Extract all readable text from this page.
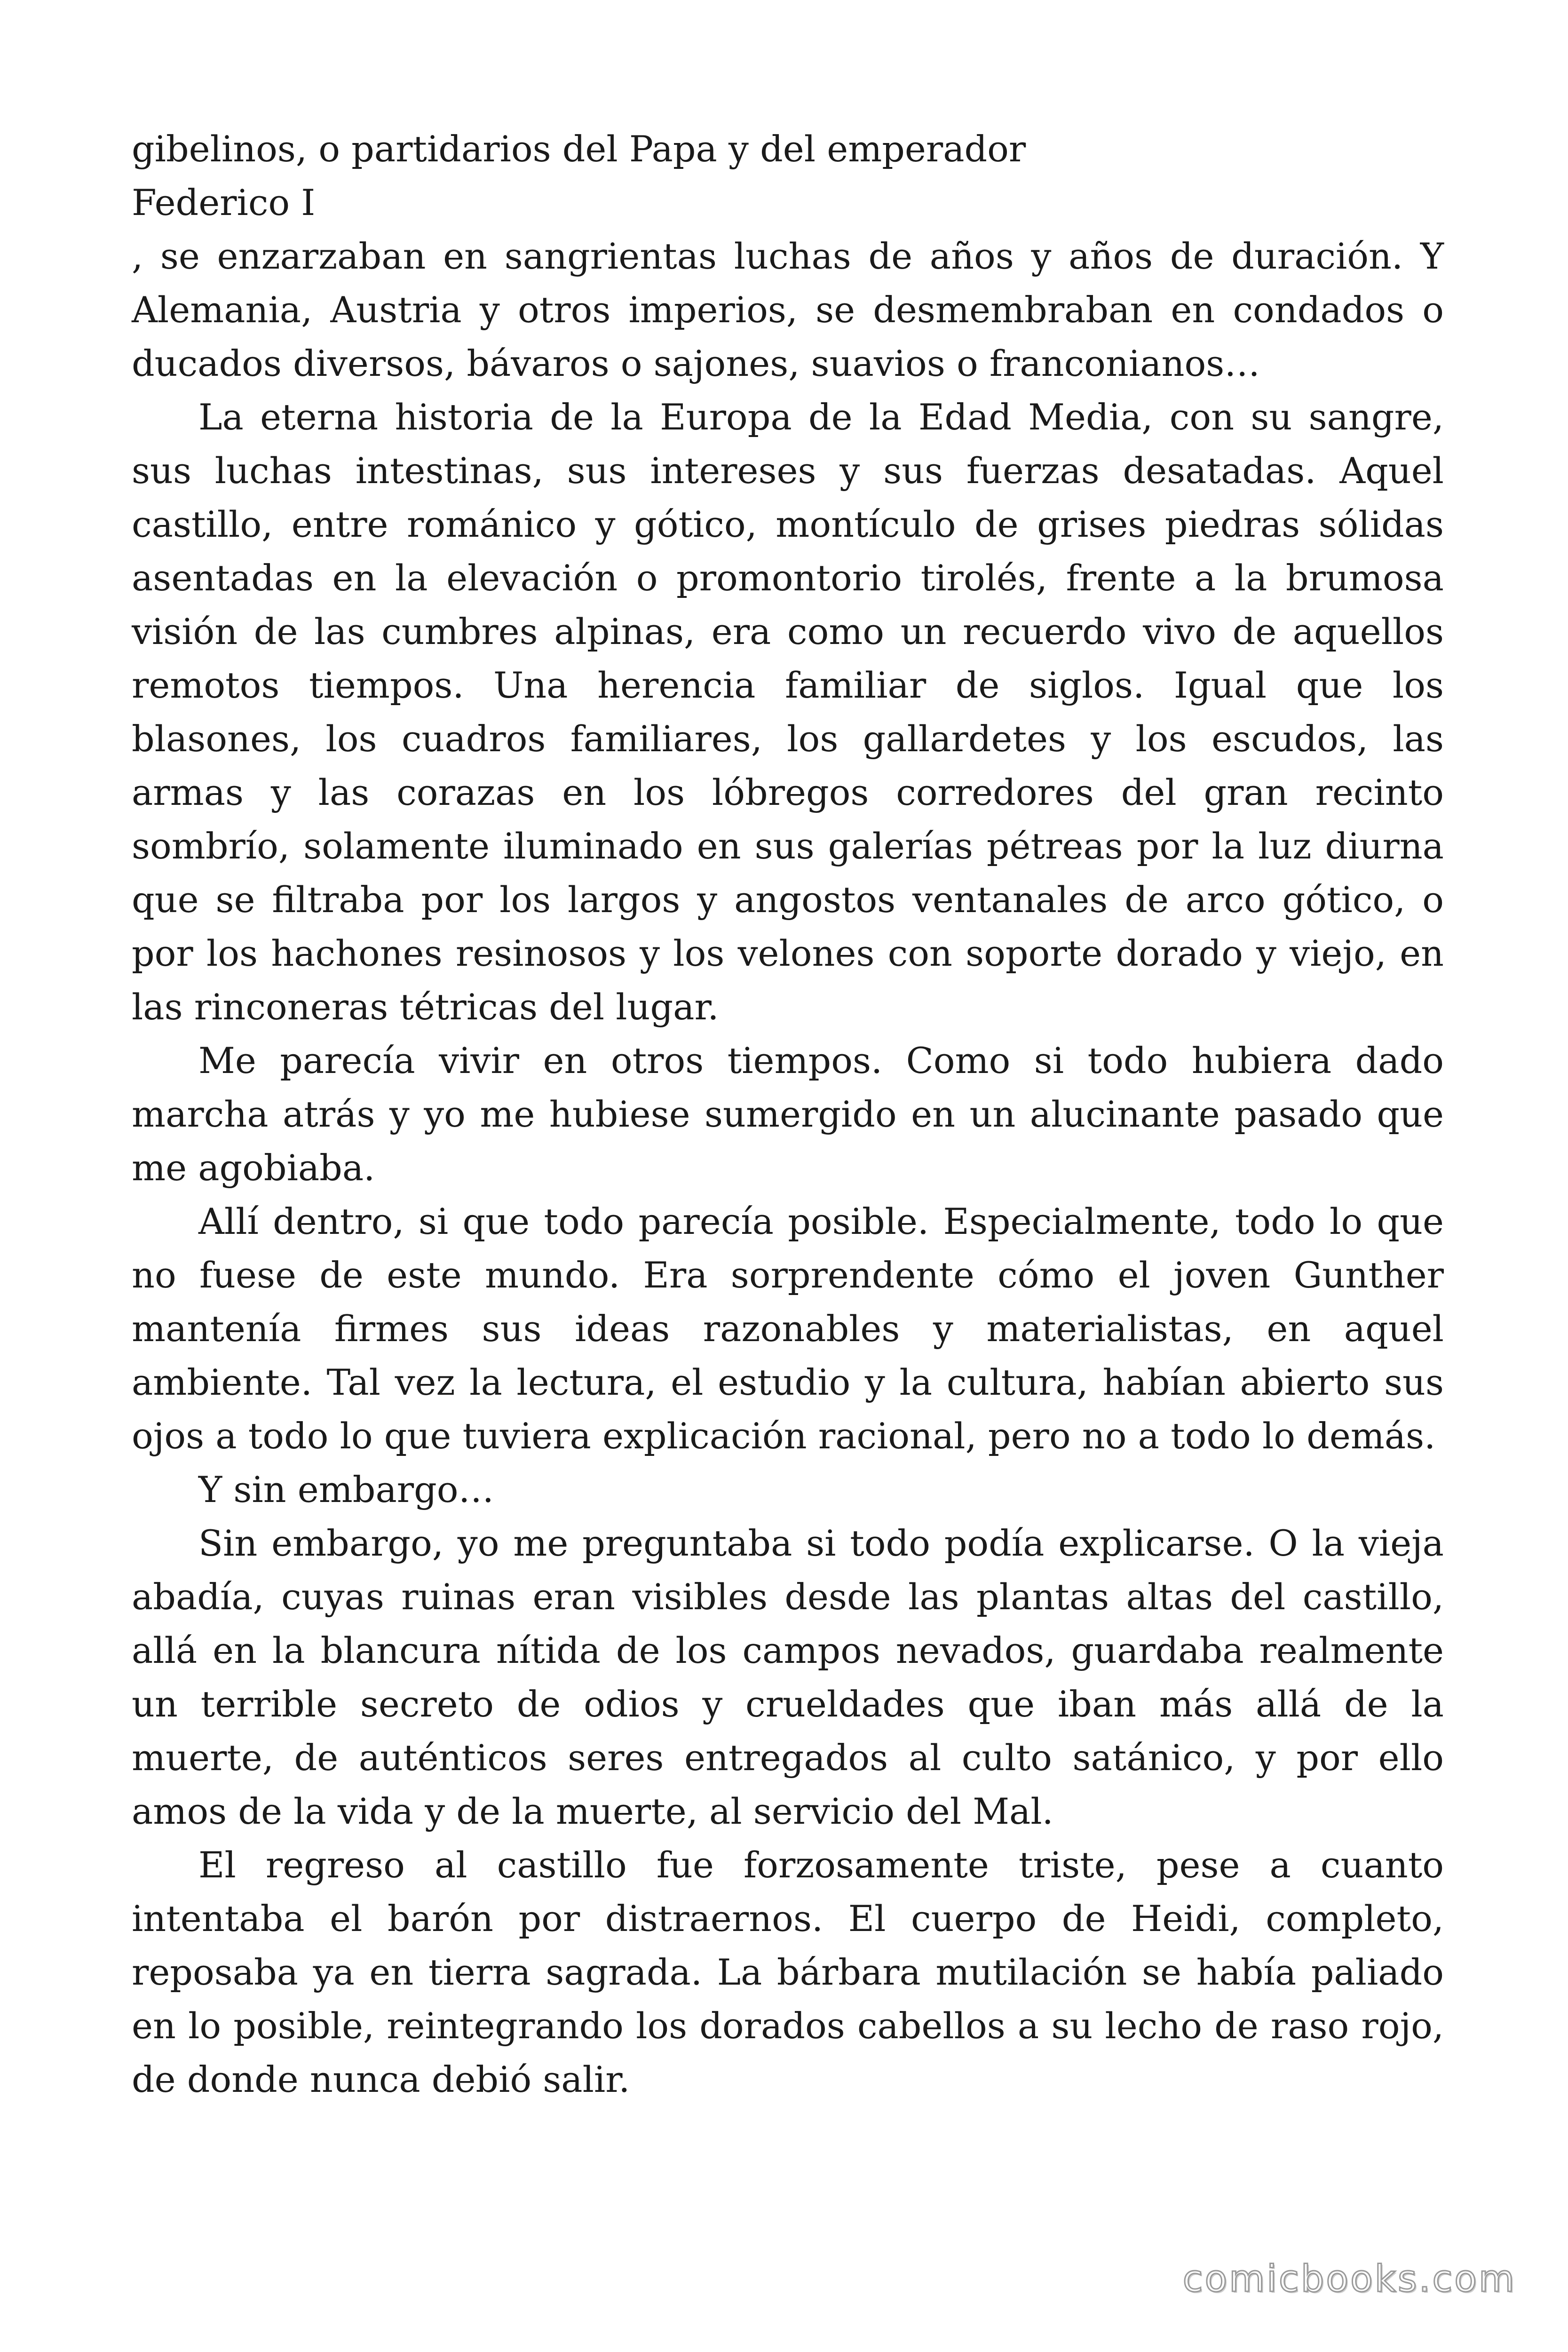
gibelinos, o partidarios del Papa y del emperador
Federico I

, se enzarzaban en sangrientas luchas de años y años de duración. Y Alemania, Austria y otros imperios, se desmembraban en condados o ducados diversos, bávaros o sajones, suavios o franconianos…

La eterna historia de la Europa de la Edad Media, con su sangre, sus luchas intestinas, sus intereses y sus fuerzas desatadas. Aquel castillo, entre románico y gótico, montículo de grises piedras sólidas asentadas en la elevación o promontorio tirolés, frente a la brumosa visión de las cumbres alpinas, era como un recuerdo vivo de aquellos remotos tiempos. Una herencia familiar de siglos. Igual que los blasones, los cuadros familiares, los gallardetes y los escudos, las armas y las corazas en los lóbregos corredores del gran recinto sombrío, solamente iluminado en sus galerías pétreas por la luz diurna que se filtraba por los largos y angostos ventanales de arco gótico, o por los hachones resinosos y los velones con soporte dorado y viejo, en las rinconeras tétricas del lugar.

Me parecía vivir en otros tiempos. Como si todo hubiera dado marcha atrás y yo me hubiese sumergido en un alucinante pasado que me agobiaba.

Allí dentro, si que todo parecía posible. Especialmente, todo lo que no fuese de este mundo. Era sorprendente cómo el joven Gunther mantenía firmes sus ideas razonables y materialistas, en aquel ambiente. Tal vez la lectura, el estudio y la cultura, habían abierto sus ojos a todo lo que tuviera explicación racional, pero no a todo lo demás.

Y sin embargo…

Sin embargo, yo me preguntaba si todo podía explicarse. O la vieja abadía, cuyas ruinas eran visibles desde las plantas altas del castillo, allá en la blancura nítida de los campos nevados, guardaba realmente un terrible secreto de odios y crueldades que iban más allá de la muerte, de auténticos seres entregados al culto satánico, y por ello amos de la vida y de la muerte, al servicio del Mal.

El regreso al castillo fue forzosamente triste, pese a cuanto intentaba el barón por distraernos. El cuerpo de Heidi, completo, reposaba ya en tierra sagrada. La bárbara mutilación se había paliado en lo posible, reintegrando los dorados cabellos a su lecho de raso rojo, de donde nunca debió salir.

comicbooks.com
